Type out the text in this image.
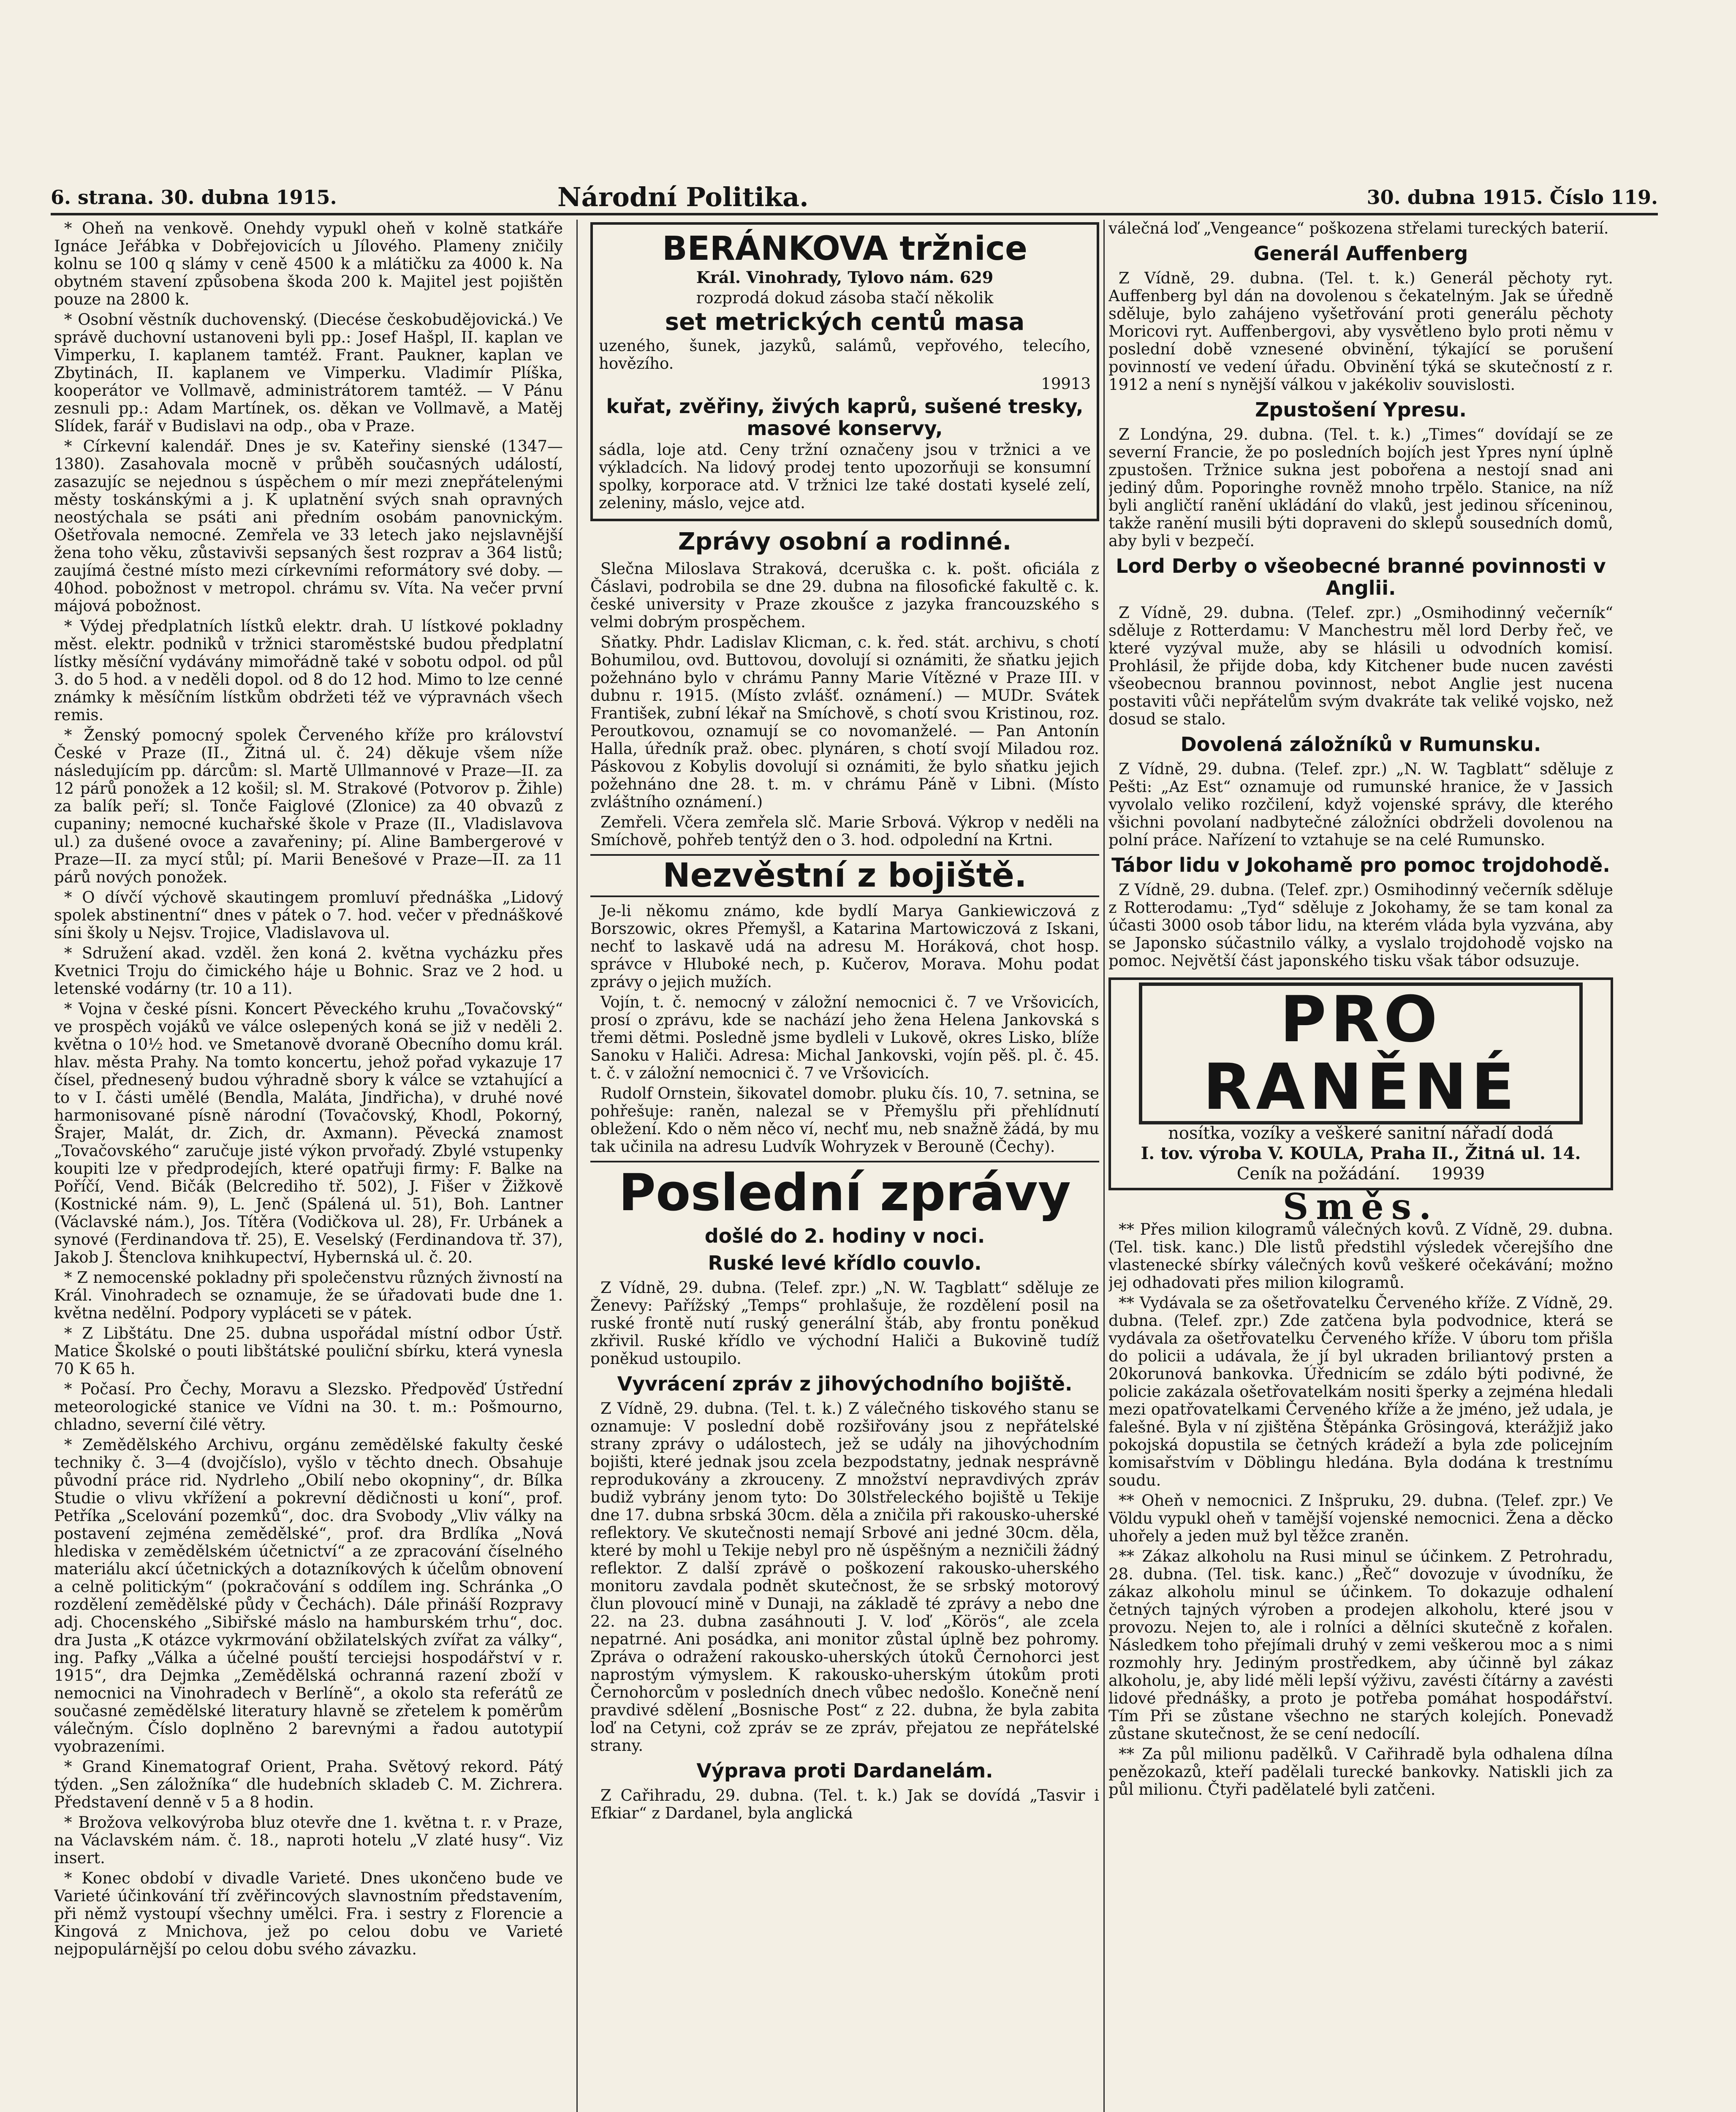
6. strana. 30. dubna 1915.	Národní Politika.	30. dubna 1915. Číslo 119.

* Oheň na venkově. Onehdy vypukl oheň v kolně statkáře Ignáce Jeřábka v Dobřejovicích u Jílového. Plameny zničily kolnu se 100 q slámy v ceně 4500 k a mlátičku za 4000 k. Na obytném stavení způsobena škoda 200 k. Majitel jest pojištěn pouze na 2800 k.

* Osobní věstník duchovenský. (Diecése českobudějovická.) Ve správě duchovní ustanoveni byli pp.: Josef Hašpl, II. kaplan ve Vimperku, I. kaplanem tamtéž. Frant. Paukner, kaplan ve Zbytinách, II. kaplanem ve Vimperku. Vladimír Plíška, kooperátor ve Vollmavě, administrátorem tamtéž. — V Pánu zesnuli pp.: Adam Martínek, os. děkan ve Vollmavě, a Matěj Slídek, farář v Budislavi na odp., oba v Praze.

* Církevní kalendář. Dnes je sv. Kateřiny sienské (1347—1380). Zasahovala mocně v průběh současných událostí, zasazujíc se nejednou s úspěchem o mír mezi znepřátelenými městy toskánskými a j. K uplatnění svých snah opravných neostýchala se psáti ani předním osobám panovnickým. Ošetřovala nemocné. Zemřela ve 33 letech jako nejslavnější žena toho věku, zůstavivši sepsaných šest rozprav a 364 listů; zaujímá čestné místo mezi církevními reformátory své doby. — 40hod. pobožnost v metropol. chrámu sv. Víta. Na večer první májová pobožnost.

* Výdej předplatních lístků elektr. drah. U lístkové pokladny měst. elektr. podniků v tržnici staroměstské budou předplatní lístky měsíční vydávány mimořádně také v sobotu odpol. od půl 3. do 5 hod. a v neděli dopol. od 8 do 12 hod. Mimo to lze cenné známky k měsíčním lístkům obdržeti též ve výpravnách všech remis.

* Ženský pomocný spolek Červeného kříže pro království České v Praze (II., Žitná ul. č. 24) děkuje všem níže následujícím pp. dárcům: sl. Martě Ullmannové v Praze—II. za 12 párů ponožek a 12 košil; sl. M. Strakové (Potvorov p. Žihle) za balík peří; sl. Tonče Faiglové (Zlonice) za 40 obvazů z cupaniny; nemocné kuchařské škole v Praze (II., Vladislavova ul.) za dušené ovoce a zavařeniny; pí. Aline Bambergerové v Praze—II. za mycí stůl; pí. Marii Benešové v Praze—II. za 11 párů nových ponožek.

* O dívčí výchově skautingem promluví přednáška „Lidový spolek abstinentní“ dnes v pátek o 7. hod. večer v přednáškové síni školy u Nejsv. Trojice, Vladislavova ul.

* Sdružení akad. vzděl. žen koná 2. května vycházku přes Kvetnici Troju do čimického háje u Bohnic. Sraz ve 2 hod. u letenské vodárny (tr. 10 a 11).

* Vojna v české písni. Koncert Pěveckého kruhu „Tovačovský“ ve prospěch vojáků ve válce oslepených koná se již v neděli 2. května o 10½ hod. ve Smetanově dvoraně Obecního domu král. hlav. města Prahy. Na tomto koncertu, jehož pořad vykazuje 17 čísel, přednesený budou výhradně sbory k válce se vztahující a to v I. části umělé (Bendla, Malátа, Jindřicha), v druhé nové harmonisované písně národní (Tovačovský, Khodl, Pokorný, Šrajer, Malát, dr. Zich, dr. Axmann). Pěvecká znamost „Tovačovského“ zaručuje jisté výkon prvořadý. Zbylé vstupenky koupiti lze v předprodejích, které opatřuji firmy: F. Balke na Poříčí, Vend. Bičák (Belcrediho tř. 502), J. Fišer v Žižkově (Kostnické nám. 9), L. Jenč (Spálená ul. 51), Boh. Lantner (Václavské nám.), Jos. Títěra (Vodičkova ul. 28), Fr. Urbánek a synové (Ferdinandova tř. 25), E. Veselský (Ferdinandova tř. 37), Jakob J. Štenclova knihkupectví, Hybernská ul. č. 20.

* Z nemocenské pokladny při společenstvu různých živností na Král. Vinohradech se oznamuje, že se úřadovati bude dne 1. května nedělní. Podpory vypláceti se v pátek.

* Z Libštátu. Dne 25. dubna uspořádal místní odbor Ústř. Matice Školské o pouti libštátské pouliční sbírku, která vynesla 70 K 65 h.

* Počasí. Pro Čechy, Moravu a Slezsko. Předpověď Ústřední meteorologické stanice ve Vídni na 30. t. m.: Pošmourno, chladno, severní čilé větry.

* Zemědělského Archivu, orgánu zemědělské fakulty české techniky č. 3—4 (dvojčíslo), vyšlo v těchto dnech. Obsahuje původní práce rid. Nydrleho „Obilí nebo okopniny“, dr. Bílka Studie o vlivu vkřížení a pokrevní dědičnosti u koní“, prof. Petříka „Scelování pozemků“, doc. dra Svobody „Vliv války na postavení zejména zemědělské“, prof. dra Brdlíka „Nová hlediska v zemědělském účetnictví“ a ze zpracování číselného materiálu akcí účetnických a dotazníkových k účelům obnovení a celně politickým“ (pokračování s oddílem ing. Schránka „O rozdělení zemědělské půdy v Čechách). Dále přináší Rozpravy adj. Chocenského „Sibiřské máslo na hamburském trhu“, doc. dra Justa „K otázce vykrmování obžilatelských zvířat za války“, ing. Pafky „Válka a účelné pouští terciejsi hospodářství v r. 1915“, dra Dejmka „Zemědělská ochranná razení zboží v nemocnici na Vinohradech v Berlíně“, a okolo sta referátů ze současné zemědělské literatury hlavně se zřetelem k poměrům válečným. Číslo doplněno 2 barevnými a řadou autotypií vyobrazeními.

* Grand Kinematograf Orient, Praha. Světový rekord. Pátý týden. „Sen záložníka“ dle hudebních skladeb C. M. Zichrera. Představení denně v 5 a 8 hodin.

* Brožova velkovýroba bluz otevře dne 1. května t. r. v Praze, na Václavském nám. č. 18., naproti hotelu „V zlaté husy“. Viz insert.

* Konec období v divadle Varieté. Dnes ukončeno bude ve Varieté účinkování tří zvěřincových slavnostním představením, při němž vystoupí všechny umělci. Fra. i sestry z Florencie a Kingová z Mnichova, jež po celou dobu ve Varieté nejpopulárnější po celou dobu svého závazku.

BERÁNKOVA tržnice

Král. Vinohrady, Tylovo nám. 629

rozprodá dokud zásoba stačí několik

set metrických centů masa

uzeného, šunek, jazyků, salámů, vepřového, telecího, hovězího.

19913

kuřat, zvěřiny, živých kaprů, sušené tresky, masové konservy,

sádla, loje atd. Ceny tržní označeny jsou v tržnici a ve výkladcích. Na lidový prodej tento upozorňuji se konsumní spolky, korporace atd. V tržnici lze také dostati kyselé zelí, zeleniny, máslo, vejce atd.

Zprávy osobní a rodinné.

Slečna Miloslava Straková, dceruška c. k. pošt. oficiála z Čáslavi, podrobila se dne 29. dubna na filosofické fakultě c. k. české university v Praze zkoušce z jazyka francouzského s velmi dobrým prospěchem.

Sňatky. Phdr. Ladislav Klicman, c. k. řed. stát. archivu, s chotí Bohumilou, ovd. Buttovou, dovolují si oznámiti, že sňatku jejich požehnáno bylo v chrámu Panny Marie Vítězné v Praze III. v dubnu r. 1915. (Místo zvlášť. oznámení.) — MUDr. Svátek František, zubní lékař na Smíchově, s chotí svou Kristinou, roz. Peroutkovou, oznamují se co novomanželé. — Pan Antonín Halla, úředník praž. obec. plynáren, s chotí svojí Miladou roz. Páskovou z Kobylis dovolují si oznámiti, že bylo sňatku jejich požehnáno dne 28. t. m. v chrámu Páně v Libni. (Místo zvláštního oznámení.)

Zemřeli. Včera zemřela slč. Marie Srbová. Výkrop v neděli na Smíchově, pohřeb tentýž den o 3. hod. odpolední na Krtni.

Nezvěstní z bojiště.

Je-li někomu známo, kde bydlí Marya Gankiewiczová z Borszowic, okres Přemyšl, a Katarina Martowiczová z Iskani, nechť to laskavě udá na adresu M. Horáková, chot hosp. správce v Hluboké nech, p. Kučerov, Morava. Mohu podat zprávy o jejich mužích.

Vojín, t. č. nemocný v záložní nemocnici č. 7 ve Vršovicích, prosí o zprávu, kde se nachází jeho žena Helena Jankovská s třemi dětmi. Posledně jsme bydleli v Lukově, okres Lisko, blíže Sanoku v Haliči. Adresa: Michal Jankovski, vojín pěš. pl. č. 45. t. č. v záložní nemocnici č. 7 ve Vršovicích.

Rudolf Ornstein, šikovatel domobr. pluku čís. 10, 7. setnina, se pohřešuje: raněn, nalezal se v Přemyšlu při přehlídnutí obležení. Kdo o něm něco ví, nechť mu, neb snažně žádá, by mu tak učinila na adresu Ludvík Wohryzek v Berouně (Čechy).

Poslední zprávy
došlé do 2. hodiny v noci.
Ruské levé křídlo couvlo.

Z Vídně, 29. dubna. (Telef. zpr.) „N. W. Tagblatt“ sděluje ze Ženevy: Pařížský „Temps“ prohlašuje, že rozdělení posil na ruské frontě nutí ruský generální štáb, aby frontu poněkud zkřivil. Ruské křídlo ve východní Haliči a Bukovině tudíž poněkud ustoupilo.

Vyvrácení zpráv z jihovýchodního bojiště.

Z Vídně, 29. dubna. (Tel. t. k.) Z válečného tiskového stanu se oznamuje: V poslední době rozšiřovány jsou z nepřátelské strany zprávy o událostech, jež se udály na jihovýchodním bojišti, které jednak jsou zcela bezpodstatny, jednak nesprávně reprodukovány a zkrouceny. Z množství nepravdivých zpráv budiž vybrány jenom tyto: Do 30lstřeleckého bojiště u Tekije dne 17. dubna srbská 30cm. děla a zničila při rakousko-uherské reflektory. Ve skutečnosti nemají Srbové ani jedné 30cm. děla, které by mohl u Tekije nebyl pro ně úspěšným a nezničili žádný reflektor. Z další zprávě o poškození rakousko-uherského monitoru zavdala podnět skutečnost, že se srbský motorový člun plovoucí mině v Dunaji, na základě té zprávy a nebo dne 22. na 23. dubna zasáhnouti J. V. loď „Körös“, ale zcela nepatrné. Ani posádka, ani monitor zůstal úplně bez pohromy. Zpráva o odražení rakousko-uherských útoků Černohorci jest naprostým výmyslem. K rakousko-uherským útokům proti Černohorcům v posledních dnech vůbec nedošlo. Konečně není pravdivé sdělení „Bosnische Post“ z 22. dubna, že byla zabita loď na Cetyni, což zpráv se ze zpráv, přejatou ze nepřátelské strany.

Výprava proti Dardanelám.

Z Cařihradu, 29. dubna. (Tel. t. k.) Jak se dovídá „Tasvir i Efkiar“ z Dardanel, byla anglická

válečná loď „Vengeance“ poškozena střelami tureckých baterií.

Generál Auffenberg

Z Vídně, 29. dubna. (Tel. t. k.) Generál pěchoty ryt. Auffenberg byl dán na dovolenou s čekatelným. Jak se úředně sděluje, bylo zahájeno vyšetřování proti generálu pěchoty Moricovi ryt. Auffenbergovi, aby vysvětleno bylo proti němu v poslední době vznesené obvinění, týkající se porušení povinností ve vedení úřadu. Obvinění týká se skutečností z r. 1912 a není s nynější válkou v jakékoliv souvislosti.

Zpustošení Ypresu.

Z Londýna, 29. dubna. (Tel. t. k.) „Times“ dovídají se ze severní Francie, že po posledních bojích jest Ypres nyní úplně zpustošen. Tržnice sukna jest pobořena a nestojí snad ani jediný dům. Poporinghe rovněž mnoho trpělo. Stanice, na níž byli angličtí ranění ukládání do vlaků, jest jedinou sříceninou, takže ranění musili býti dopraveni do sklepů sousedních domů, aby byli v bezpečí.

Lord Derby o všeobecné branné povinnosti v Anglii.

Z Vídně, 29. dubna. (Telef. zpr.) „Osmihodinný večerník“ sděluje z Rotterdamu: V Manchestru měl lord Derby řeč, ve které vyzýval muže, aby se hlásili u odvodních komisí. Prohlásil, že přijde doba, kdy Kitchener bude nucen zavésti všeobecnou brannou povinnost, nebot Anglie jest nucena postaviti vůči nepřátelům svým dvakráte tak veliké vojsko, než dosud se stalo.

Dovolená záložníků v Rumunsku.

Z Vídně, 29. dubna. (Telef. zpr.) „N. W. Tagblatt“ sděluje z Pešti: „Az Est“ oznamuje od rumunské hranice, že v Jassich vyvolalo veliko rozčilení, když vojenské správy, dle kterého všichni povolaní nadbytečné záložníci obdrželi dovolenou na polní práce. Nařízení to vztahuje se na celé Rumunsko.

Tábor lidu v Jokohamě pro pomoc trojdohodě.

Z Vídně, 29. dubna. (Telef. zpr.) Osmihodinný večerník sděluje z Rotterodamu: „Tyd“ sděluje z Jokohamy, že se tam konal za účasti 3000 osob tábor lidu, na kterém vláda byla vyzvána, aby se Japonsko súčastnilo války, a vyslalo trojdohodě vojsko na pomoc. Největší část japonského tisku však tábor odsuzuje.

PRO RANĚNÉ

nosítka, vozíky a veškeré sanitní nářadí dodá

I. tov. výroba V. KOULA, Praha II., Žitná ul. 14.

Ceník na požádání. 19939

Směs.

** Přes milion kilogramů válečných kovů. Z Vídně, 29. dubna. (Tel. tisk. kanc.) Dle listů předstihl výsledek včerejšího dne vlastenecké sbírky válečných kovů veškeré očekávání; možno jej odhadovati přes milion kilogramů.

** Vydávala se za ošetřovatelku Červeného kříže. Z Vídně, 29. dubna. (Telef. zpr.) Zde zatčena byla podvodnice, která se vydávala za ošetřovatelku Červeného kříže. V úboru tom přišla do policii a udávala, že jí byl ukraden briliantový prsten a 20korunová bankovka. Úřednicím se zdálo býti podivné, že policie zakázala ošetřovatelkám nositi šperky a zejména hledali mezi opatřovatelkami Červeného kříže a že jméno, jež udala, je falešné. Byla v ní zjištěna Štěpánka Grösingová, kterážjiž jako pokojská dopustila se četných krádeží a byla zde policejním komisařstvím v Döblingu hledána. Byla dodána k trestnímu soudu.

** Oheň v nemocnici. Z Inšpruku, 29. dubna. (Telef. zpr.) Ve Völdu vypukl oheň v tamější vojenské nemocnici. Žena a děcko uhořely a jeden muž byl těžce zraněn.

** Zákaz alkoholu na Rusi minul se účinkem. Z Petrohradu, 28. dubna. (Tel. tisk. kanc.) „Řeč“ dovozuje v úvodníku, že zákaz alkoholu minul se účinkem. To dokazuje odhalení četných tajných výroben a prodejen alkoholu, které jsou v provozu. Nejen to, ale i rolníci a dělníci skutečně z kořalen. Následkem toho přejímali druhý v zemi veškerou moc a s nimi rozmohly hry. Jediným prostředkem, aby účinně byl zákaz alkoholu, je, aby lidé měli lepší výživu, zavésti čítárny a zavésti lidové přednášky, a proto je potřeba pomáhat hospodářství. Tím Při se zůstane všechno ne starých kolejích. Ponevadž zůstane skutečnost, že se cení nedocílí.

** Za půl milionu padělků. V Cařihradě byla odhalena dílna penězokazů, kteří padělali turecké bankovky. Natiskli jich za půl milionu. Čtyři padělatelé byli zatčeni.
